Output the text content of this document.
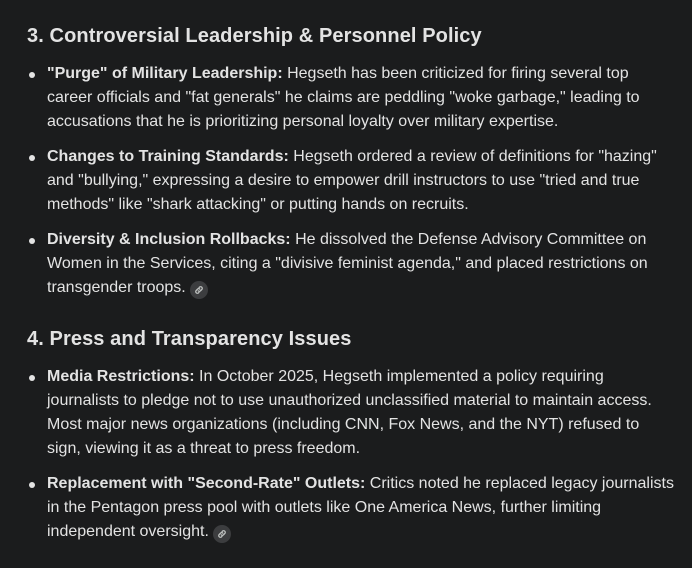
3. Controversial Leadership & Personnel Policy
"Purge" of Military Leadership: Hegseth has been criticized for firing several top career officials and "fat generals" he claims are peddling "woke garbage," leading to accusations that he is prioritizing personal loyalty over military expertise.
Changes to Training Standards: Hegseth ordered a review of definitions for "hazing" and "bullying," expressing a desire to empower drill instructors to use "tried and true methods" like "shark attacking" or putting hands on recruits.
Diversity & Inclusion Rollbacks: He dissolved the Defense Advisory Committee on Women in the Services, citing a "divisive feminist agenda," and placed restrictions on transgender troops.
4. Press and Transparency Issues
Media Restrictions: In October 2025, Hegseth implemented a policy requiring journalists to pledge not to use unauthorized unclassified material to maintain access. Most major news organizations (including CNN, Fox News, and the NYT) refused to sign, viewing it as a threat to press freedom.
Replacement with "Second-Rate" Outlets: Critics noted he replaced legacy journalists in the Pentagon press pool with outlets like One America News, further limiting independent oversight.
